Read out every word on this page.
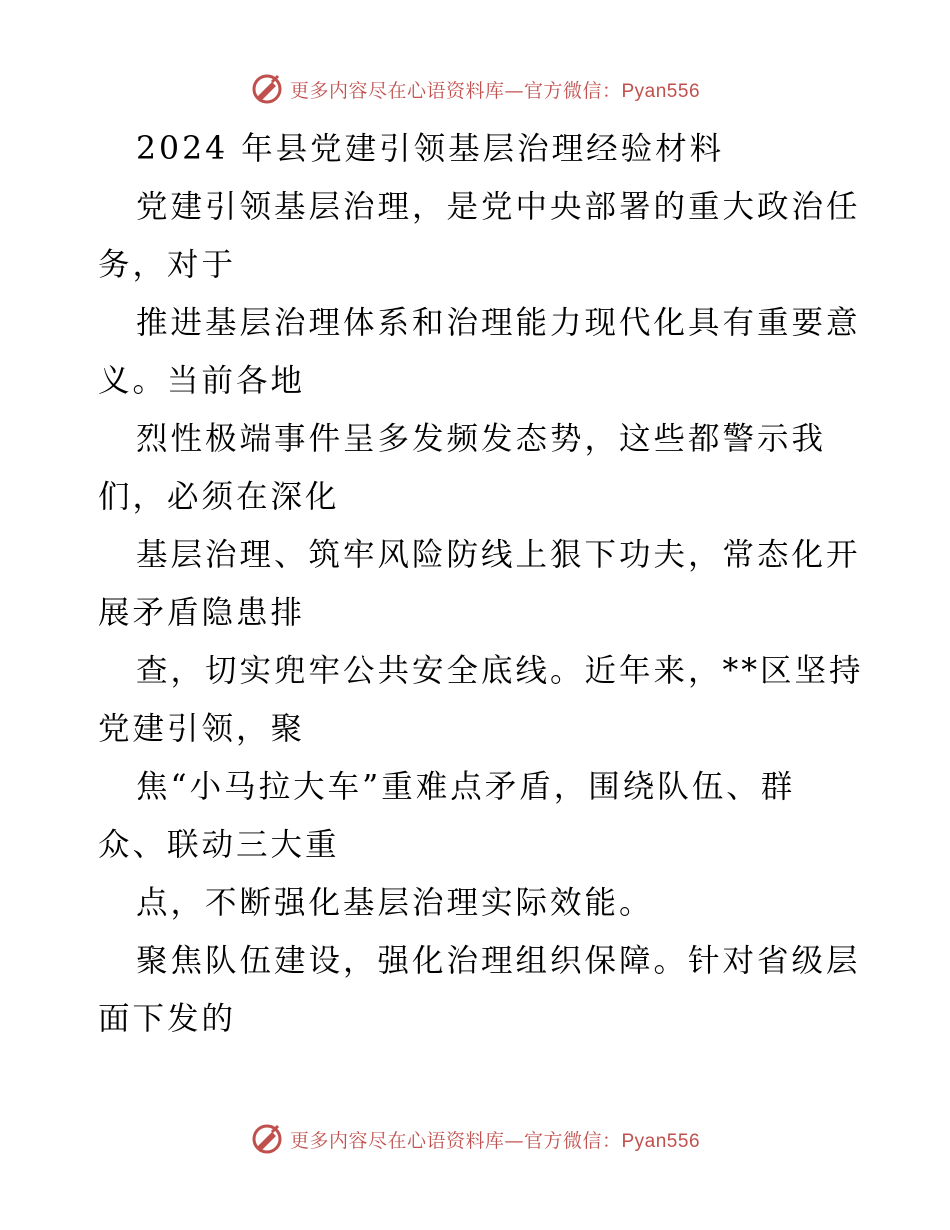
更多内容尽在心语资料库—官方微信：Pyan556

2024 年县党建引领基层治理经验材料

党建引领基层治理，是党中央部署的重大政治任

务，对于

推进基层治理体系和治理能力现代化具有重要意

义。当前各地

烈性极端事件呈多发频发态势，这些都警示我

们，必须在深化

基层治理、筑牢风险防线上狠下功夫，常态化开

展矛盾隐患排

查，切实兜牢公共安全底线。近年来，**区坚持

党建引领，聚

焦“小马拉大车”重难点矛盾，围绕队伍、群

众、联动三大重

点，不断强化基层治理实际效能。

聚焦队伍建设，强化治理组织保障。针对省级层

面下发的

更多内容尽在心语资料库—官方微信：Pyan556
